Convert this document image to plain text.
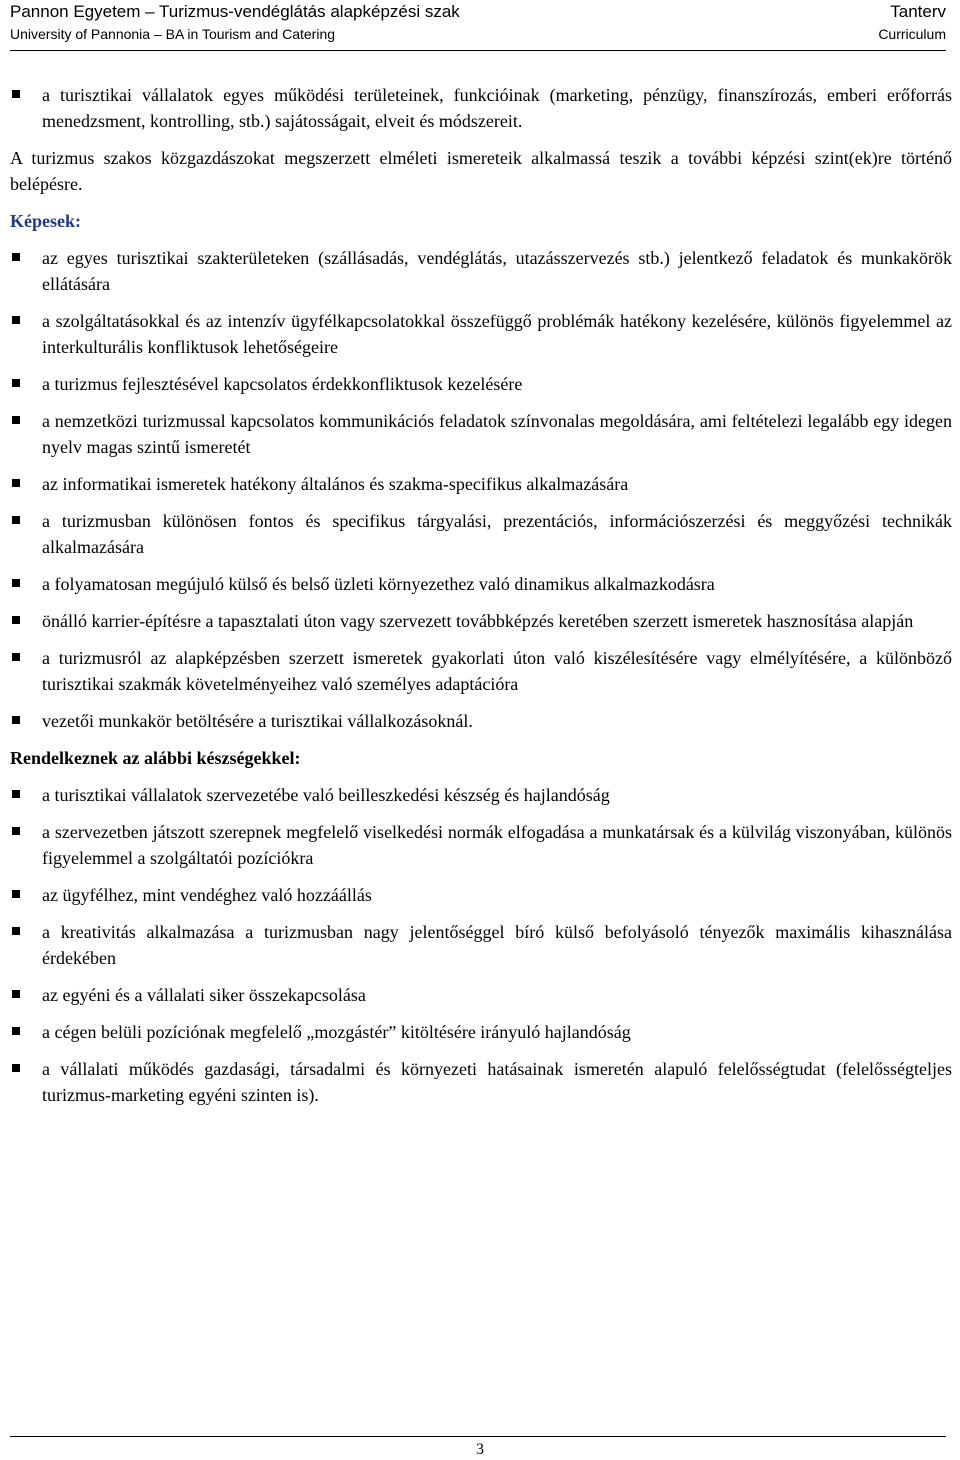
Pannon Egyetem – Turizmus-vendéglátás alapképzési szak	Tanterv
University of Pannonia – BA in Tourism and Catering	Curriculum
a turisztikai vállalatok egyes működési területeinek, funkcióinak (marketing, pénzügy, finanszírozás, emberi erőforrás menedzsment, kontrolling, stb.) sajátosságait, elveit és módszereit.

A turizmus szakos közgazdászokat megszerzett elméleti ismereteik alkalmassá teszik a további képzési szint(ek)re történő belépésre.

Képesek:
az egyes turisztikai szakterületeken (szállásadás, vendéglátás, utazásszervezés stb.) jelentkező feladatok és munkakörök ellátására
a szolgáltatásokkal és az intenzív ügyfélkapcsolatokkal összefüggő problémák hatékony kezelésére, különös figyelemmel az interkulturális konfliktusok lehetőségeire
a turizmus fejlesztésével kapcsolatos érdekkonfliktusok kezelésére
a nemzetközi turizmussal kapcsolatos kommunikációs feladatok színvonalas megoldására, ami feltételezi legalább egy idegen nyelv magas szintű ismeretét
az informatikai ismeretek hatékony általános és szakma-specifikus alkalmazására
a turizmusban különösen fontos és specifikus tárgyalási, prezentációs, információszerzési és meggyőzési technikák alkalmazására
a folyamatosan megújuló külső és belső üzleti környezethez való dinamikus alkalmazkodásra
önálló karrier-építésre a tapasztalati úton vagy szervezett továbbképzés keretében szerzett ismeretek hasznosítása alapján
a turizmusról az alapképzésben szerzett ismeretek gyakorlati úton való kiszélesítésére vagy elmélyítésére, a különböző turisztikai szakmák követelményeihez való személyes adaptációra
vezetői munkakör betöltésére a turisztikai vállalkozásoknál.
Rendelkeznek az alábbi készségekkel:
a turisztikai vállalatok szervezetébe való beilleszkedési készség és hajlandóság
a szervezetben játszott szerepnek megfelelő viselkedési normák elfogadása a munkatársak és a külvilág viszonyában, különös figyelemmel a szolgáltatói pozíciókra
az ügyfélhez, mint vendéghez való hozzáállás
a kreativitás alkalmazása a turizmusban nagy jelentőséggel bíró külső befolyásoló tényezők maximális kihasználása érdekében
az egyéni és a vállalati siker összekapcsolása
a cégen belüli pozíciónak megfelelő „mozgástér” kitöltésére irányuló hajlandóság
a vállalati működés gazdasági, társadalmi és környezeti hatásainak ismeretén alapuló felelősségtudat (felelősségteljes turizmus-marketing egyéni szinten is).
3
